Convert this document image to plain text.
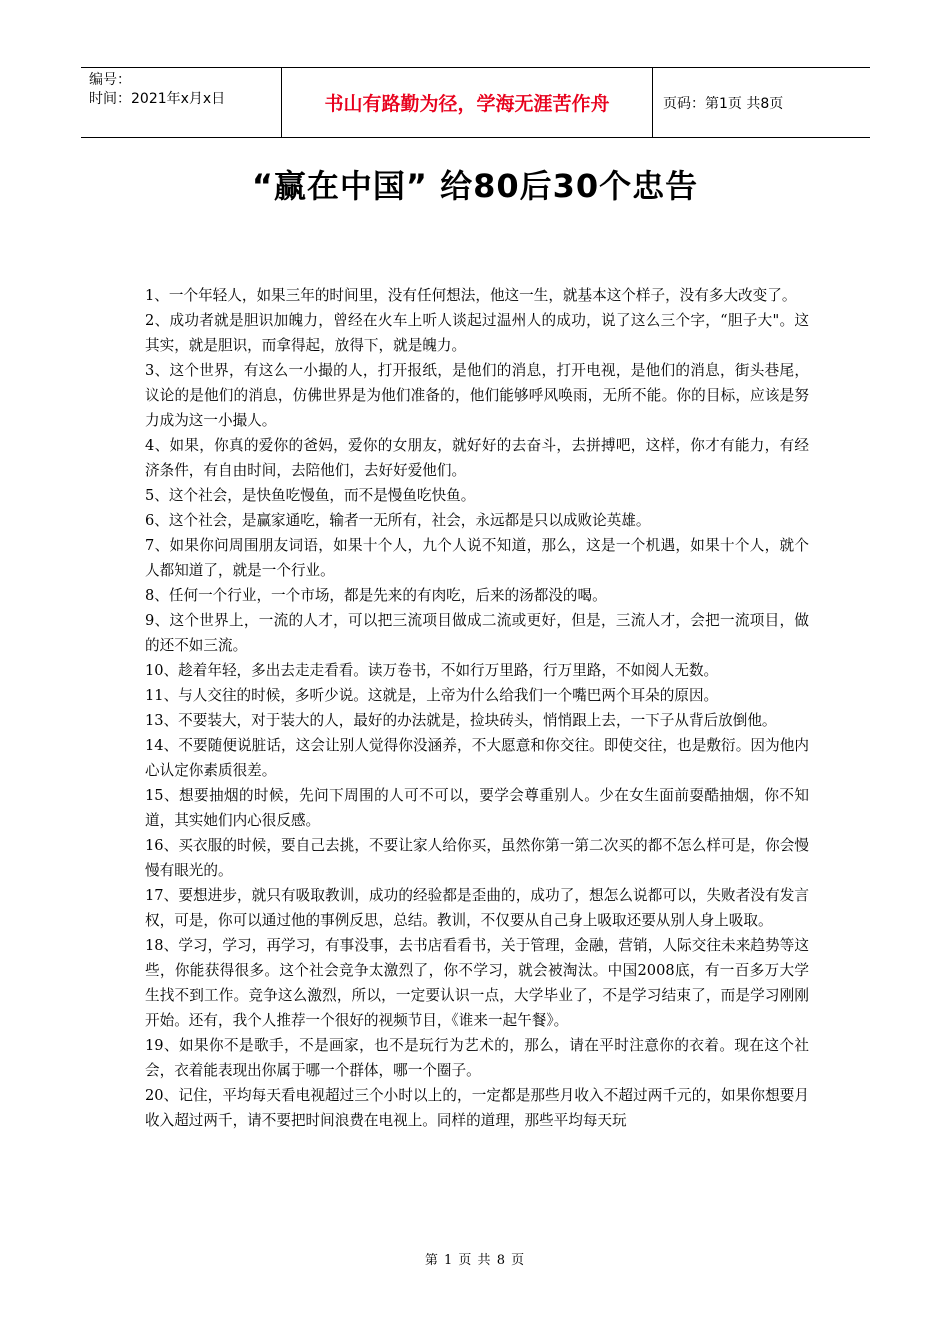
编号：
时间：2021年x月x日	书山有路勤为径，学海无涯苦作舟	页码：第1页 共8页
“赢在中国” 给80后30个忠告

1、一个年轻人，如果三年的时间里，没有任何想法，他这一生，就基本这个样子，没有多大改变了。

2、成功者就是胆识加魄力，曾经在火车上听人谈起过温州人的成功，说了这么三个字，“胆子大"。这其实，就是胆识，而拿得起，放得下，就是魄力。

3、这个世界，有这么一小撮的人，打开报纸，是他们的消息，打开电视，是他们的消息，街头巷尾，议论的是他们的消息，仿佛世界是为他们准备的，他们能够呼风唤雨，无所不能。你的目标，应该是努力成为这一小撮人。

4、如果，你真的爱你的爸妈，爱你的女朋友，就好好的去奋斗，去拼搏吧，这样，你才有能力，有经济条件，有自由时间，去陪他们，去好好爱他们。

5、这个社会，是快鱼吃慢鱼，而不是慢鱼吃快鱼。

6、这个社会，是赢家通吃，输者一无所有，社会，永远都是只以成败论英雄。

7、如果你问周围朋友词语，如果十个人，九个人说不知道，那么，这是一个机遇，如果十个人，就个人都知道了，就是一个行业。

8、任何一个行业，一个市场，都是先来的有肉吃，后来的汤都没的喝。

9、这个世界上，一流的人才，可以把三流项目做成二流或更好，但是，三流人才，会把一流项目，做的还不如三流。

10、趁着年轻，多出去走走看看。读万卷书，不如行万里路，行万里路，不如阅人无数。

11、与人交往的时候，多听少说。这就是，上帝为什么给我们一个嘴巴两个耳朵的原因。

13、不要装大，对于装大的人，最好的办法就是，捡块砖头，悄悄跟上去，一下子从背后放倒他。

14、不要随便说脏话，这会让别人觉得你没涵养，不大愿意和你交往。即使交往，也是敷衍。因为他内心认定你素质很差。

15、想要抽烟的时候，先问下周围的人可不可以，要学会尊重别人。少在女生面前耍酷抽烟，你不知道，其实她们内心很反感。

16、买衣服的时候，要自己去挑，不要让家人给你买，虽然你第一第二次买的都不怎么样可是，你会慢慢有眼光的。

17、要想进步，就只有吸取教训，成功的经验都是歪曲的，成功了，想怎么说都可以，失败者没有发言权，可是，你可以通过他的事例反思，总结。教训，不仅要从自己身上吸取还要从别人身上吸取。

18、学习，学习，再学习，有事没事，去书店看看书，关于管理，金融，营销，人际交往未来趋势等这些，你能获得很多。这个社会竞争太激烈了，你不学习，就会被淘汰。中国2008底，有一百多万大学生找不到工作。竞争这么激烈，所以，一定要认识一点，大学毕业了，不是学习结束了，而是学习刚刚开始。还有，我个人推荐一个很好的视频节目，《谁来一起午餐》。

19、如果你不是歌手，不是画家，也不是玩行为艺术的，那么，请在平时注意你的衣着。现在这个社会，衣着能表现出你属于哪一个群体，哪一个圈子。

20、记住，平均每天看电视超过三个小时以上的，一定都是那些月收入不超过两千元的，如果你想要月收入超过两千，请不要把时间浪费在电视上。同样的道理，那些平均每天玩

第 1 页 共 8 页
